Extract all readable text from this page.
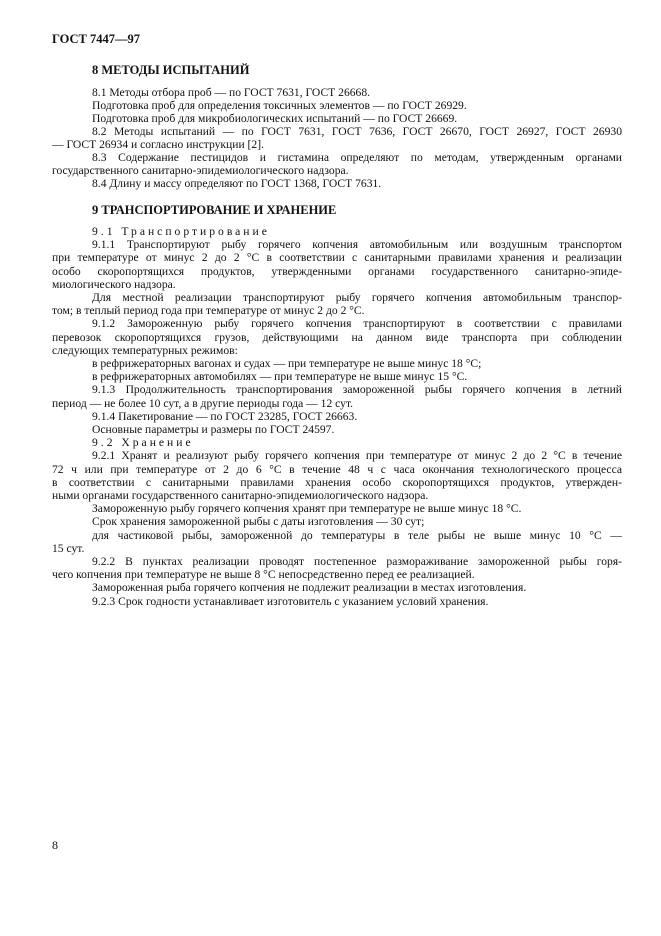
ГОСТ 7447—97
8 МЕТОДЫ ИСПЫТАНИЙ
8.1 Методы отбора проб — по ГОСТ 7631, ГОСТ 26668.
Подготовка проб для определения токсичных элементов — по ГОСТ 26929.
Подготовка проб для микробиологических испытаний — по ГОСТ 26669.
8.2 Методы испытаний — по ГОСТ 7631, ГОСТ 7636, ГОСТ 26670, ГОСТ 26927, ГОСТ 26930
— ГОСТ 26934 и согласно инструкции [2].
8.3 Содержание пестицидов и гистамина определяют по методам, утвержденным органами
государственного санитарно-эпидемиологического надзора.
8.4 Длину и массу определяют по ГОСТ 1368, ГОСТ 7631.
9 ТРАНСПОРТИРОВАНИЕ И ХРАНЕНИЕ
9.1 Транспортирование
9.1.1 Транспортируют рыбу горячего копчения автомобильным или воздушным транспортом
при температуре от минус 2 до 2 °С в соответствии с санитарными правилами хранения и реализации
особо скоропортящихся продуктов, утвержденными органами государственного санитарно-эпиде-
миологического надзора.
Для местной реализации транспортируют рыбу горячего копчения автомобильным транспор-
том; в теплый период года при температуре от минус 2 до 2 °С.
9.1.2 Замороженную рыбу горячего копчения транспортируют в соответствии с правилами
перевозок скоропортящихся грузов, действующими на данном виде транспорта при соблюдении
следующих температурных режимов:
в рефрижераторных вагонах и судах — при температуре не выше минус 18 °С;
в рефрижераторных автомобилях — при температуре не выше минус 15 °С.
9.1.3 Продолжительность транспортирования замороженной рыбы горячего копчения в летний
период — не более 10 сут, а в другие периоды года — 12 сут.
9.1.4 Пакетирование — по ГОСТ 23285, ГОСТ 26663.
Основные параметры и размеры по ГОСТ 24597.
9.2 Хранение
9.2.1 Хранят и реализуют рыбу горячего копчения при температуре от минус 2 до 2 °С в течение
72 ч или при температуре от 2 до 6 °С в течение 48 ч с часа окончания технологического процесса
в соответствии с санитарными правилами хранения особо скоропортящихся продуктов, утвержден-
ными органами государственного санитарно-эпидемиологического надзора.
Замороженную рыбу горячего копчения хранят при температуре не выше минус 18 °С.
Срок хранения замороженной рыбы с даты изготовления — 30 сут;
для частиковой рыбы, замороженной до температуры в теле рыбы не выше минус 10 °С —
15 сут.
9.2.2 В пунктах реализации проводят постепенное размораживание замороженной рыбы горя-
чего копчения при температуре не выше 8 °С непосредственно перед ее реализацией.
Замороженная рыба горячего копчения не подлежит реализации в местах изготовления.
9.2.3 Срок годности устанавливает изготовитель с указанием условий хранения.
8
